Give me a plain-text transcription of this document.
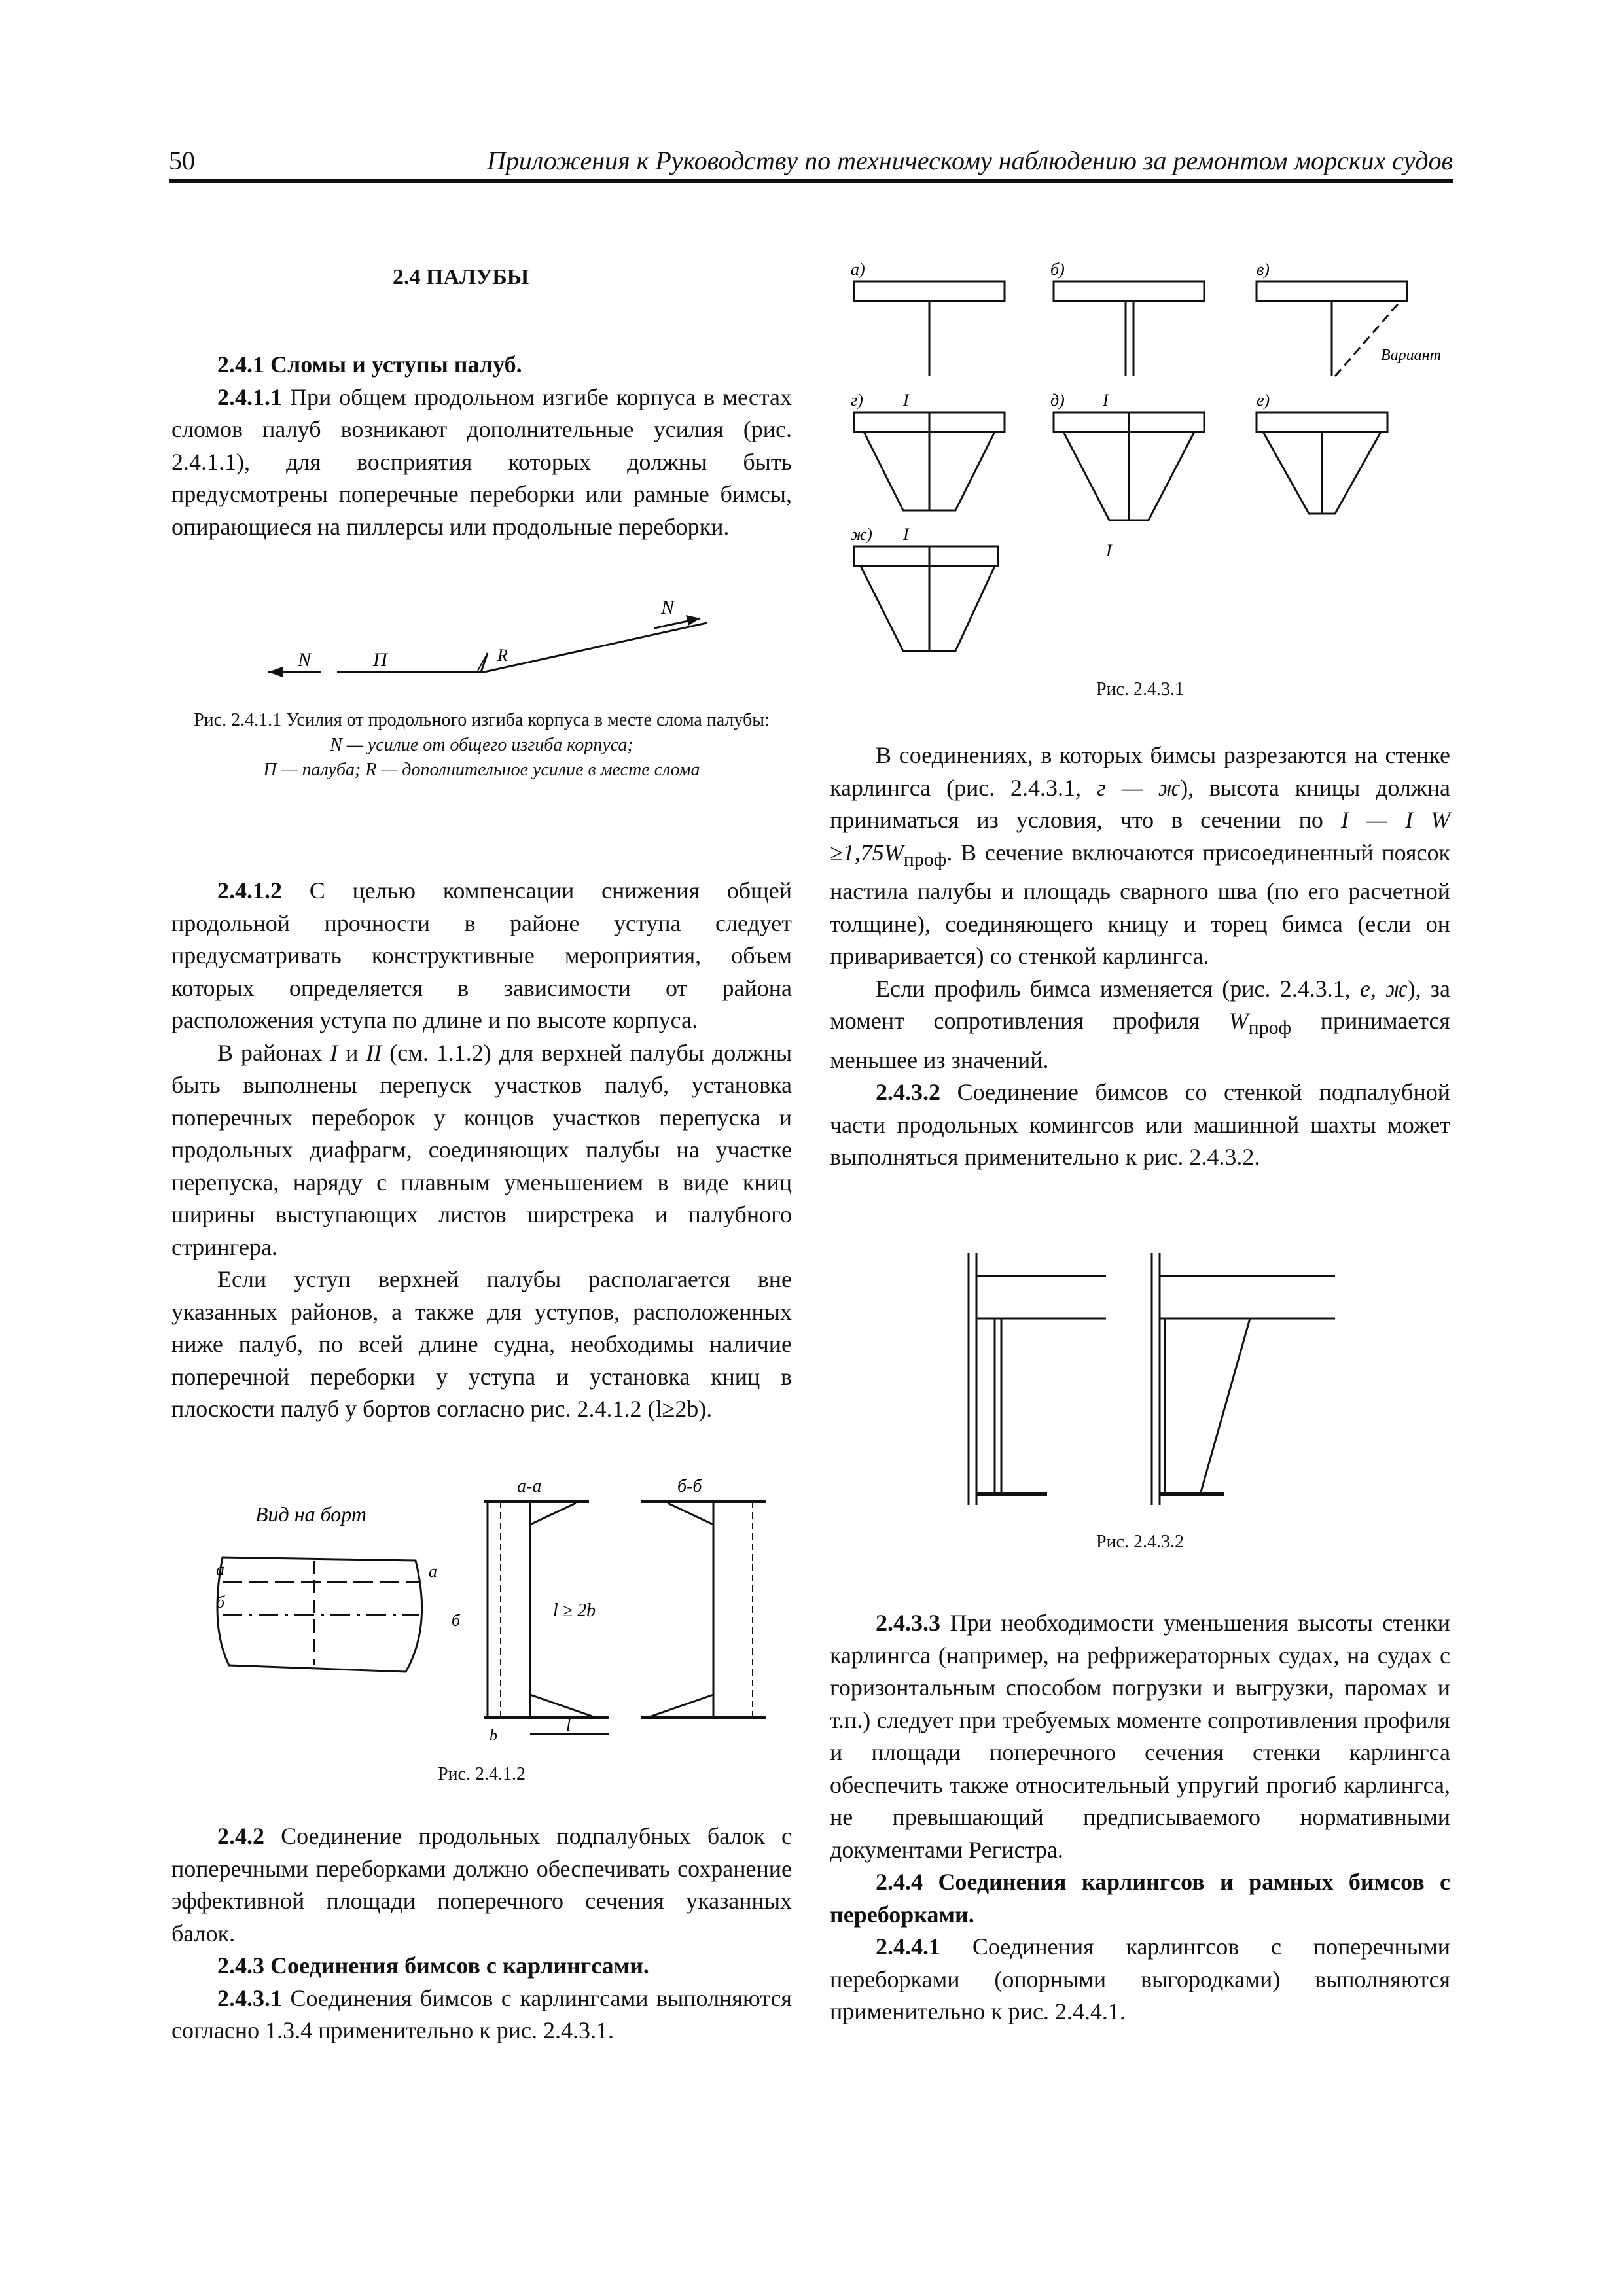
50	Приложения к Руководству по техническому наблюдению за ремонтом морских судов
2.4 ПАЛУБЫ

2.4.1 Сломы и уступы палуб.

2.4.1.1 При общем продольном изгибе корпуса в местах сломов палуб возникают дополнительные усилия (рис. 2.4.1.1), для восприятия которых должны быть предусмотрены поперечные переборки или рамные бимсы, опирающиеся на пиллерсы или продольные переборки.

N	П	R
N
Рис. 2.4.1.1 Усилия от продольного изгиба корпуса в месте слома палубы:
N — усилие от общего изгиба корпуса;
П — палуба; R — дополнительное усилие в месте слома

2.4.1.2 С целью компенсации снижения общей продольной прочности в районе уступа следует предусматривать конструктивные мероприятия, объем которых определяется в зависимости от района расположения уступа по длине и по высоте корпуса.

В районах I и II (см. 1.1.2) для верхней палубы должны быть выполнены перепуск участков палуб, установка поперечных переборок у концов участков перепуска и продольных диафрагм, соединяющих палубы на участке перепуска, наряду с плавным уменьшением в виде книц ширины выступающих листов ширстрека и палубного стрингера.

Если уступ верхней палубы располагается вне указанных районов, а также для уступов, расположенных ниже палуб, по всей длине судна, необходимы наличие поперечной переборки у уступа и установка книц в плоскости палуб у бортов согласно рис. 2.4.1.2 (l≥2b).

Вид на борт
а
б
а
б
а-а	б-б
l ≥ 2b
l
b
Рис. 2.4.1.2

2.4.2 Соединение продольных подпалубных балок с поперечными переборками должно обеспечивать сохранение эффективной площади поперечного сечения указанных балок.

2.4.3 Соединения бимсов с карлингсами.

2.4.3.1 Соединения бимсов с карлингсами выполняются согласно 1.3.4 применительно к рис. 2.4.3.1.

а)	б)	в)
г)	д)	е)
ж)
Вариант
I	I
I
I
Рис. 2.4.3.1

В соединениях, в которых бимсы разрезаются на стенке карлингса (рис. 2.4.3.1, г — ж), высота кницы должна приниматься из условия, что в сечении по I — I $W \ge 1,75W_{проф}$. В сечение включаются присоединенный поясок настила палубы и площадь сварного шва (по его расчетной толщине), соединяющего кницу и торец бимса (если он приваривается) со стенкой карлингса.

Если профиль бимса изменяется (рис. 2.4.3.1, е, ж), за момент сопротивления профиля $W_{проф}$ принимается меньшее из значений.

2.4.3.2 Соединение бимсов со стенкой подпалубной части продольных комингсов или машинной шахты может выполняться применительно к рис. 2.4.3.2.

Рис. 2.4.3.2

2.4.3.3 При необходимости уменьшения высоты стенки карлингса (например, на рефрижераторных судах, на судах с горизонтальным способом погрузки и выгрузки, паромах и т.п.) следует при требуемых моменте сопротивления профиля и площади поперечного сечения стенки карлингса обеспечить также относительный упругий прогиб карлингса, не превышающий предписываемого нормативными документами Регистра.

2.4.4 Соединения карлингсов и рамных бимсов с переборками.

2.4.4.1 Соединения карлингсов с поперечными переборками (опорными выгородками) выполняются применительно к рис. 2.4.4.1.
